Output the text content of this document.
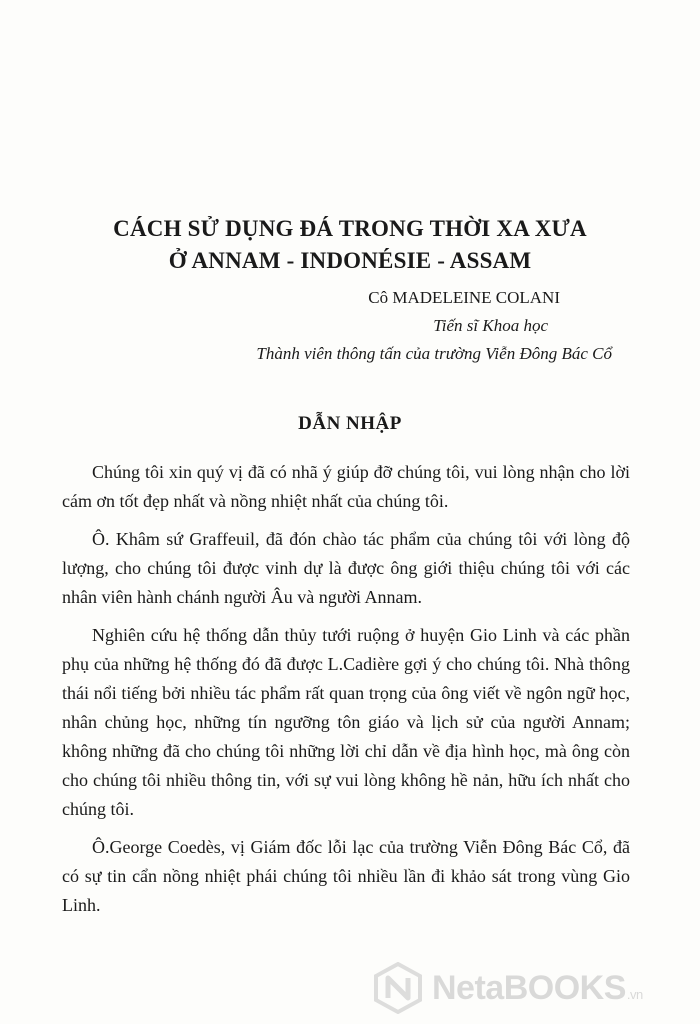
CÁCH SỬ DỤNG ĐÁ TRONG THỜI XA XƯA
Ở ANNAM - INDONÉSIE - ASSAM
Cô MADELEINE COLANI
Tiến sĩ Khoa học
Thành viên thông tấn của trường Viễn Đông Bác Cổ
DẪN NHẬP

Chúng tôi xin quý vị đã có nhã ý giúp đỡ chúng tôi, vui lòng nhận cho lời cám ơn tốt đẹp nhất và nồng nhiệt nhất của chúng tôi.

Ô. Khâm sứ Graffeuil, đã đón chào tác phẩm của chúng tôi với lòng độ lượng, cho chúng tôi được vinh dự là được ông giới thiệu chúng tôi với các nhân viên hành chánh người Âu và người Annam.

Nghiên cứu hệ thống dẫn thủy tưới ruộng ở huyện Gio Linh và các phần phụ của những hệ thống đó đã được L.Cadière gợi ý cho chúng tôi. Nhà thông thái nổi tiếng bởi nhiều tác phẩm rất quan trọng của ông viết về ngôn ngữ học, nhân chủng học, những tín ngưỡng tôn giáo và lịch sử của người Annam; không những đã cho chúng tôi những lời chỉ dẫn về địa hình học, mà ông còn cho chúng tôi nhiều thông tin, với sự vui lòng không hề nản, hữu ích nhất cho chúng tôi.

Ô.George Coedès, vị Giám đốc lỗi lạc của trường Viễn Đông Bác Cổ, đã có sự tin cẩn nồng nhiệt phái chúng tôi nhiều lần đi khảo sát trong vùng Gio Linh.

NetaBOOKS.vn
